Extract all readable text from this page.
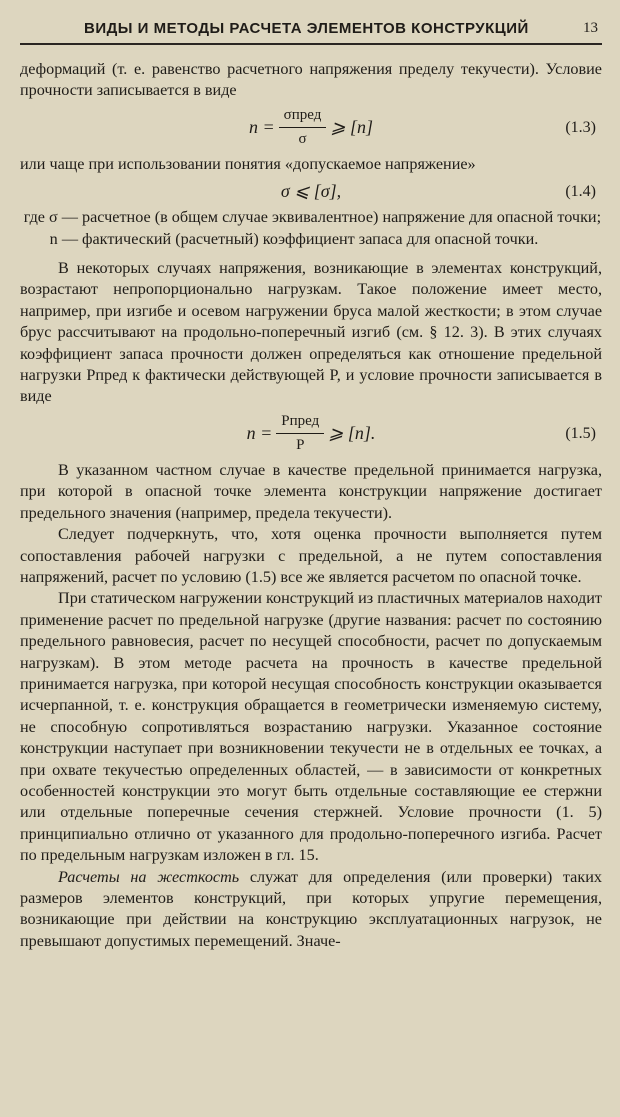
ВИДЫ И МЕТОДЫ РАСЧЕТА ЭЛЕМЕНТОВ КОНСТРУКЦИЙ	13

деформаций (т. е. равенство расчетного напряжения пределу текучести). Условие прочности записывается в виде

$n = \frac{\text{σпред}}{\sigma}$ ⩾ [n]	(1.3)

или чаще при использовании понятия «допускаемое напряжение»

σ ⩽ [σ],	(1.4)
где σ — расчетное (в общем случае эквивалентное) напряжение для опасной точки;
n — фактический (расчетный) коэффициент запаса для опасной точки.

В некоторых случаях напряжения, возникающие в элементах конструкций, возрастают непропорционально нагрузкам. Такое положение имеет место, например, при изгибе и осевом нагружении бруса малой жесткости; в этом случае брус рассчитывают на продольно-поперечный изгиб (см. § 12. 3). В этих случаях коэффициент запаса прочности должен определяться как отношение предельной нагрузки Pпред к фактически действующей P, и условие прочности записывается в виде

$n = \frac{\text{Pпред}}{P}$ ⩾ [n].	(1.5)

В указанном частном случае в качестве предельной принимается нагрузка, при которой в опасной точке элемента конструкции напряжение достигает предельного значения (например, предела текучести).

Следует подчеркнуть, что, хотя оценка прочности выполняется путем сопоставления рабочей нагрузки с предельной, а не путем сопоставления напряжений, расчет по условию (1.5) все же является расчетом по опасной точке.

При статическом нагружении конструкций из пластичных материалов находит применение расчет по предельной нагрузке (другие названия: расчет по состоянию предельного равновесия, расчет по несущей способности, расчет по допускаемым нагрузкам). В этом методе расчета на прочность в качестве предельной принимается нагрузка, при которой несущая способность конструкции оказывается исчерпанной, т. е. конструкция обращается в геометрически изменяемую систему, не способную сопротивляться возрастанию нагрузки. Указанное состояние конструкции наступает при возникновении текучести не в отдельных ее точках, а при охвате текучестью определенных областей, — в зависимости от конкретных особенностей конструкции это могут быть отдельные составляющие ее стержни или отдельные поперечные сечения стержней. Условие прочности (1. 5) принципиально отлично от указанного для продольно-поперечного изгиба. Расчет по предельным нагрузкам изложен в гл. 15.

Расчеты на жесткость служат для определения (или проверки) таких размеров элементов конструкций, при которых упругие перемещения, возникающие при действии на конструкцию эксплуатационных нагрузок, не превышают допустимых перемещений. Значе-
